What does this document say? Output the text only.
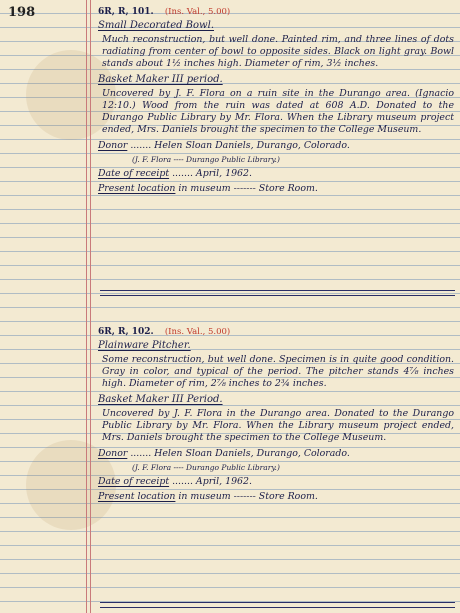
198	6R, R, 101. (Ins. Val., 5.00)
Small Decorated Bowl.
Much reconstruction, but well done. Painted rim, and three lines of dots radiating from center of bowl to opposite sides. Black on light gray. Bowl stands about 1½ inches high. Diameter of rim, 3½ inches.
Basket Maker III period.
Uncovered by J. F. Flora on a ruin site in the Durango area. (Ignacio 12:10.) Wood from the ruin was dated at 608 A.D. Donated to the Durango Public Library by Mr. Flora. When the Library museum project ended, Mrs. Daniels brought the specimen to the College Museum.
Donor ....... Helen Sloan Daniels, Durango, Colorado.
(J. F. Flora ---- Durango Public Library.)
Date of receipt ....... April, 1962.
Present location in museum ------- Store Room.
6R, R, 102. (Ins. Val., 5.00)
Plainware Pitcher.
Some reconstruction, but well done. Specimen is in quite good condition. Gray in color, and typical of the period. The pitcher stands 4⅞ inches high. Diameter of rim, 2⅞ inches to 2¾ inches.
Basket Maker III Period.
Uncovered by J. F. Flora in the Durango area. Donated to the Durango Public Library by Mr. Flora. When the Library museum project ended, Mrs. Daniels brought the specimen to the College Museum.
Donor ....... Helen Sloan Daniels, Durango, Colorado.
(J. F. Flora ---- Durango Public Library.)
Date of receipt ....... April, 1962.
Present location in museum ------- Store Room.
